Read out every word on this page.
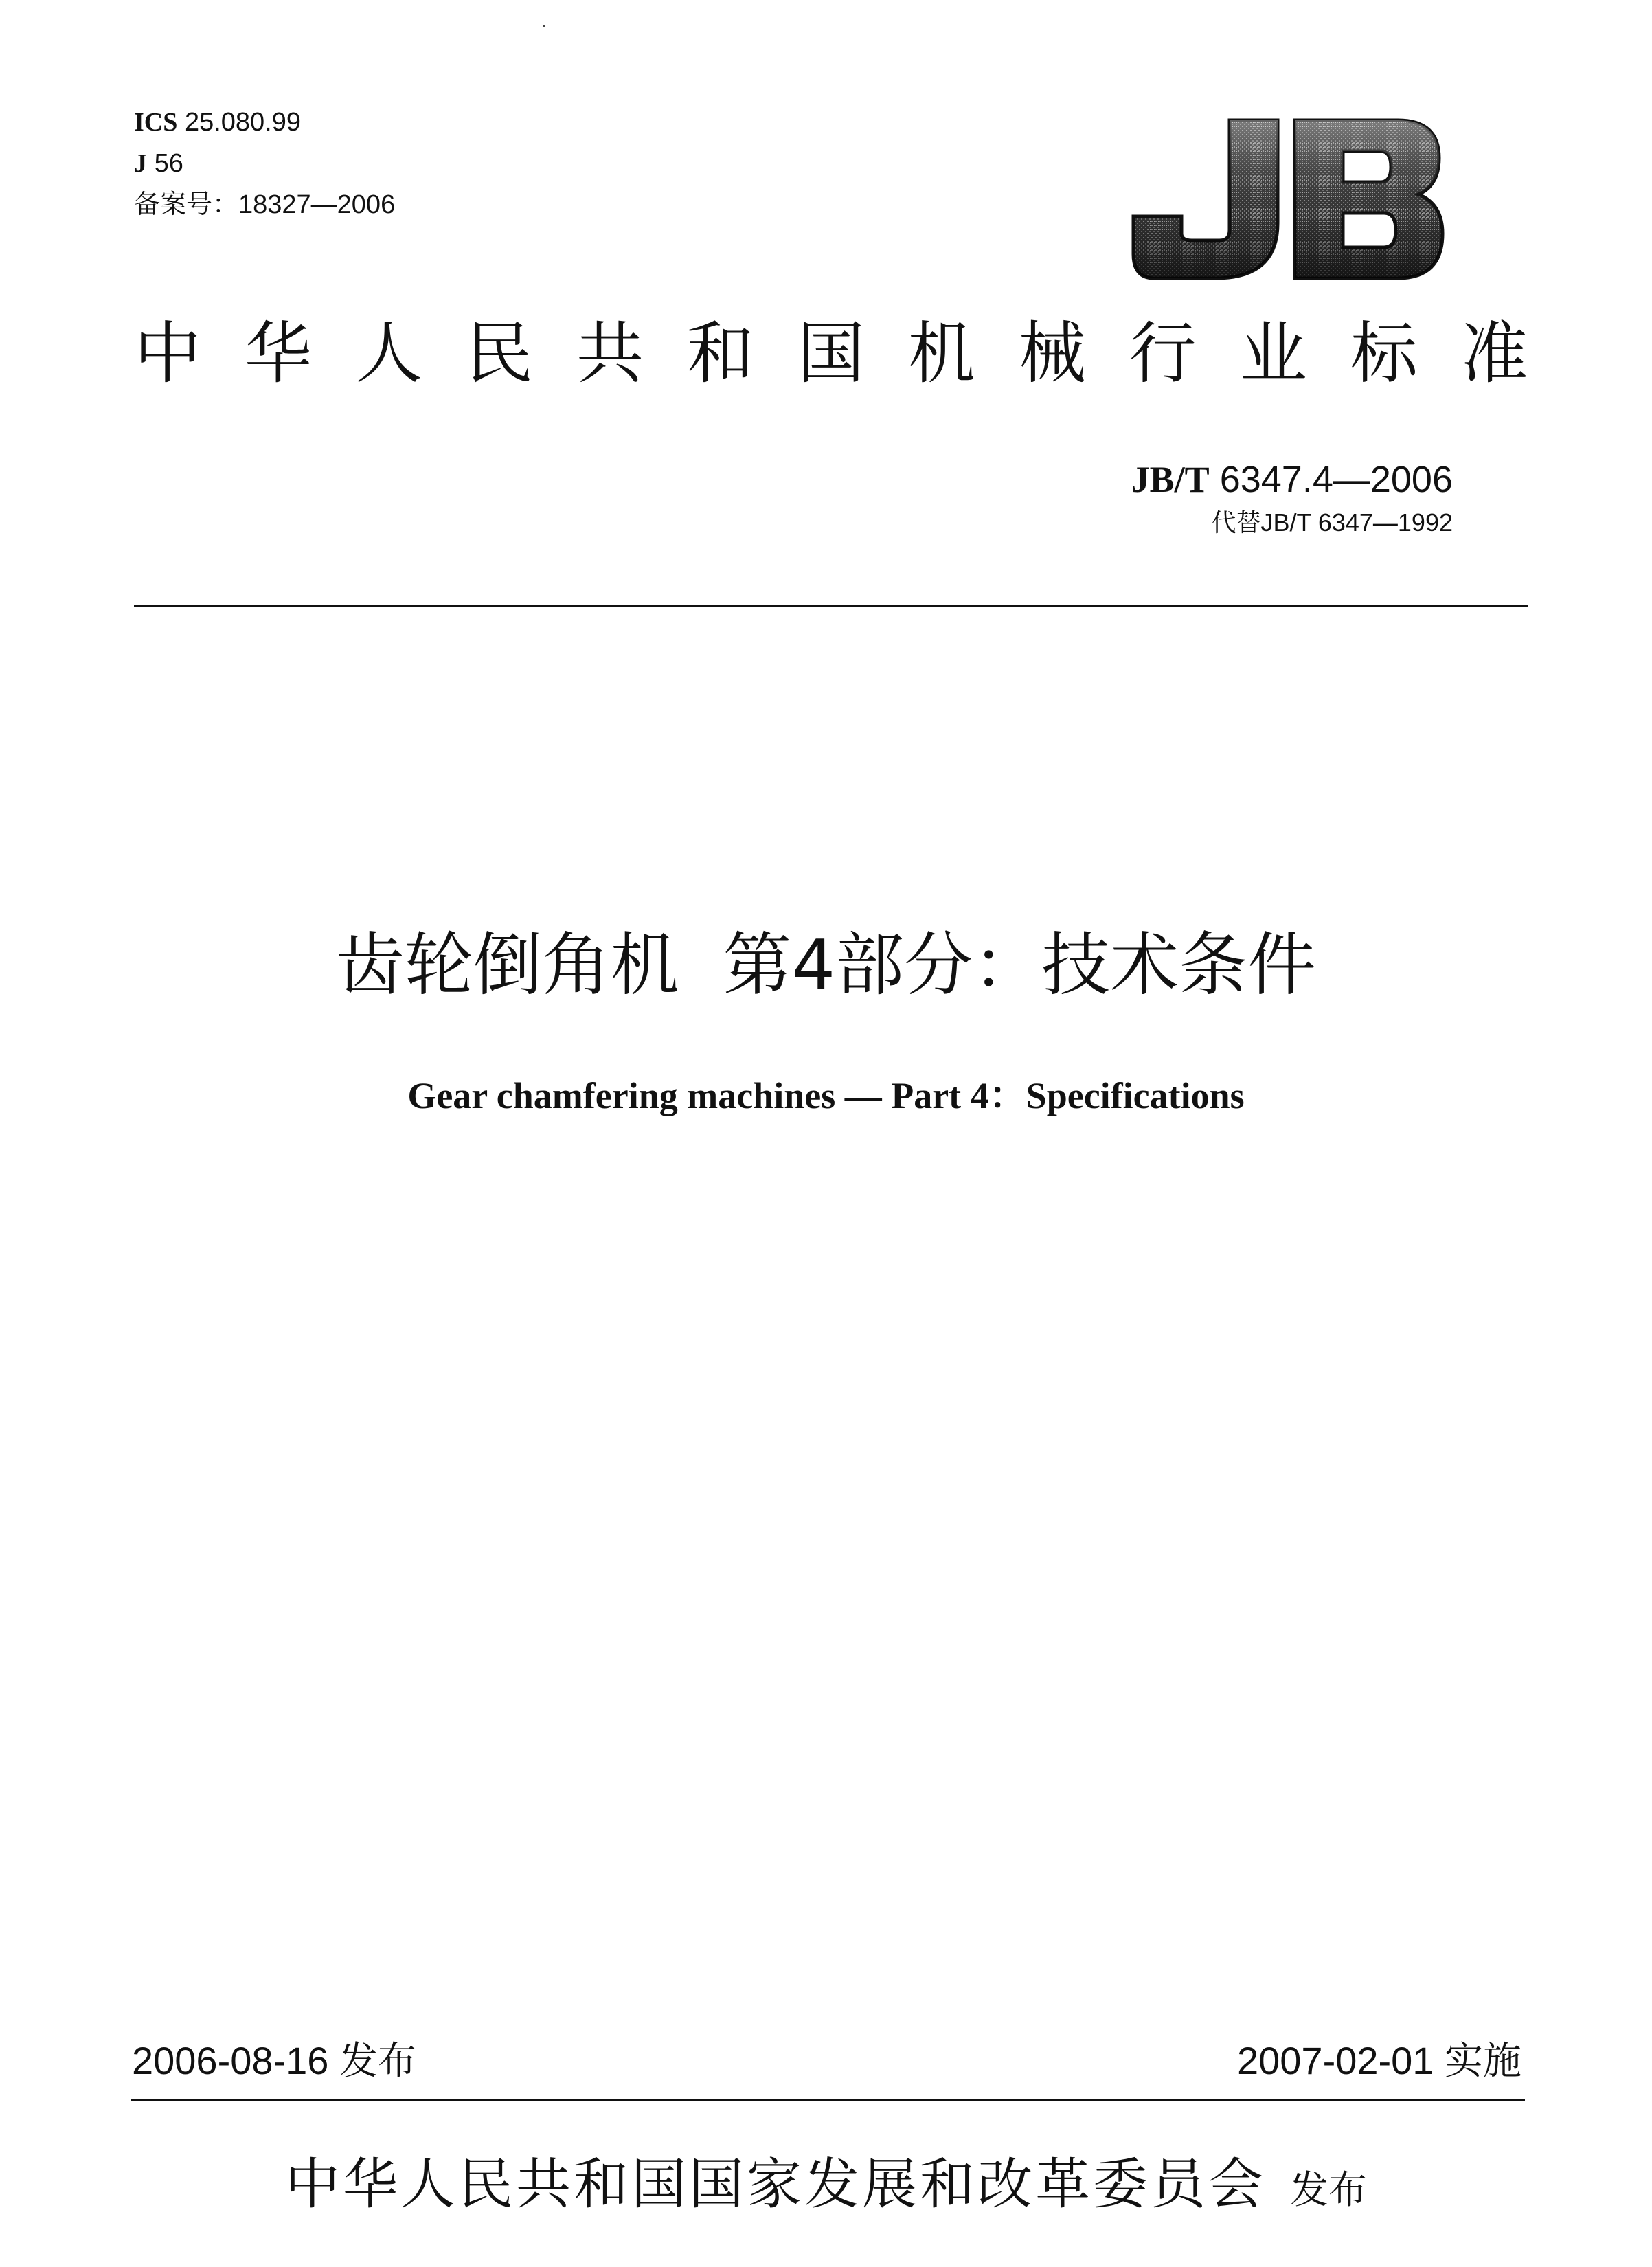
ICS 25.080.99
J 56
备案号：18327—2006
中 华 人 民 共 和 国 机 械 行 业 标 准
JB/T 6347.4—2006
代替JB/T 6347—1992
齿轮倒角机  第4部分：技术条件
Gear chamfering machines — Part 4：Specifications
2006-08-16 发布	2007-02-01 实施
中华人民共和国国家发展和改革委员会 发布
